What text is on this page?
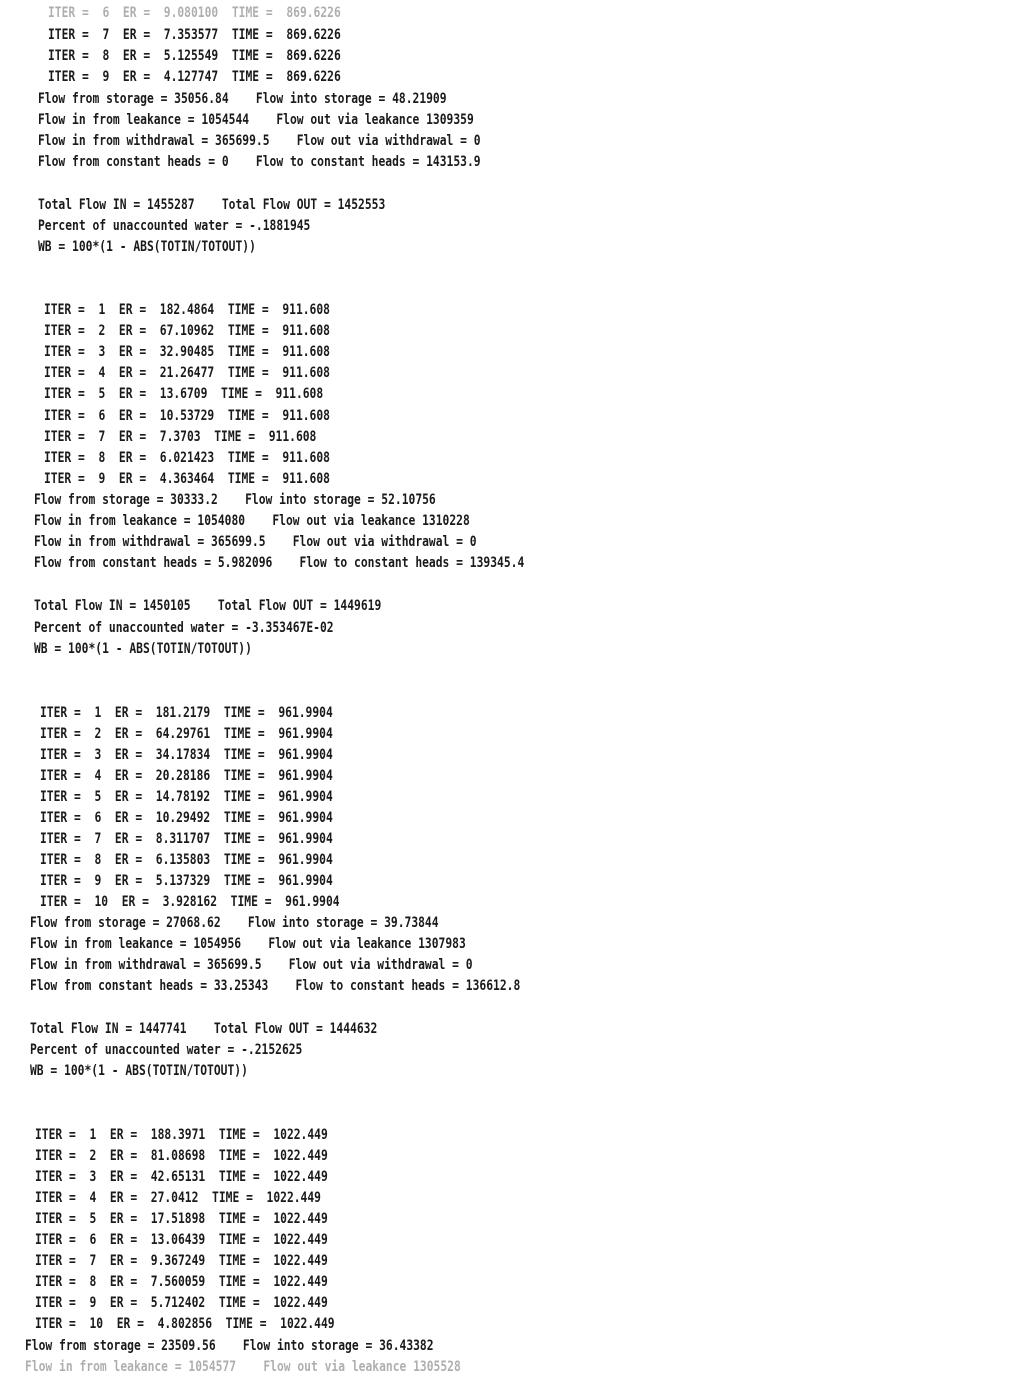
ITER =  6  ER =  9.080100  TIME =  869.6226
ITER =  7  ER =  7.353577  TIME =  869.6226
ITER =  8  ER =  5.125549  TIME =  869.6226
ITER =  9  ER =  4.127747  TIME =  869.6226
Flow from storage = 35056.84    Flow into storage = 48.21909
Flow in from leakance = 1054544    Flow out via leakance 1309359
Flow in from withdrawal = 365699.5    Flow out via withdrawal = 0
Flow from constant heads = 0    Flow to constant heads = 143153.9
Total Flow IN = 1455287    Total Flow OUT = 1452553
Percent of unaccounted water = -.1881945
WB = 100*(1 - ABS(TOTIN/TOTOUT))
ITER =  1  ER =  182.4864  TIME =  911.608
ITER =  2  ER =  67.10962  TIME =  911.608
ITER =  3  ER =  32.90485  TIME =  911.608
ITER =  4  ER =  21.26477  TIME =  911.608
ITER =  5  ER =  13.6709  TIME =  911.608
ITER =  6  ER =  10.53729  TIME =  911.608
ITER =  7  ER =  7.3703  TIME =  911.608
ITER =  8  ER =  6.021423  TIME =  911.608
ITER =  9  ER =  4.363464  TIME =  911.608
Flow from storage = 30333.2    Flow into storage = 52.10756
Flow in from leakance = 1054080    Flow out via leakance 1310228
Flow in from withdrawal = 365699.5    Flow out via withdrawal = 0
Flow from constant heads = 5.982096    Flow to constant heads = 139345.4
Total Flow IN = 1450105    Total Flow OUT = 1449619
Percent of unaccounted water = -3.353467E-02
WB = 100*(1 - ABS(TOTIN/TOTOUT))
ITER =  1  ER =  181.2179  TIME =  961.9904
ITER =  2  ER =  64.29761  TIME =  961.9904
ITER =  3  ER =  34.17834  TIME =  961.9904
ITER =  4  ER =  20.28186  TIME =  961.9904
ITER =  5  ER =  14.78192  TIME =  961.9904
ITER =  6  ER =  10.29492  TIME =  961.9904
ITER =  7  ER =  8.311707  TIME =  961.9904
ITER =  8  ER =  6.135803  TIME =  961.9904
ITER =  9  ER =  5.137329  TIME =  961.9904
ITER =  10  ER =  3.928162  TIME =  961.9904
Flow from storage = 27068.62    Flow into storage = 39.73844
Flow in from leakance = 1054956    Flow out via leakance 1307983
Flow in from withdrawal = 365699.5    Flow out via withdrawal = 0
Flow from constant heads = 33.25343    Flow to constant heads = 136612.8
Total Flow IN = 1447741    Total Flow OUT = 1444632
Percent of unaccounted water = -.2152625
WB = 100*(1 - ABS(TOTIN/TOTOUT))
ITER =  1  ER =  188.3971  TIME =  1022.449
ITER =  2  ER =  81.08698  TIME =  1022.449
ITER =  3  ER =  42.65131  TIME =  1022.449
ITER =  4  ER =  27.0412  TIME =  1022.449
ITER =  5  ER =  17.51898  TIME =  1022.449
ITER =  6  ER =  13.06439  TIME =  1022.449
ITER =  7  ER =  9.367249  TIME =  1022.449
ITER =  8  ER =  7.560059  TIME =  1022.449
ITER =  9  ER =  5.712402  TIME =  1022.449
ITER =  10  ER =  4.802856  TIME =  1022.449
Flow from storage = 23509.56    Flow into storage = 36.43382
Flow in from leakance = 1054577    Flow out via leakance 1305528
